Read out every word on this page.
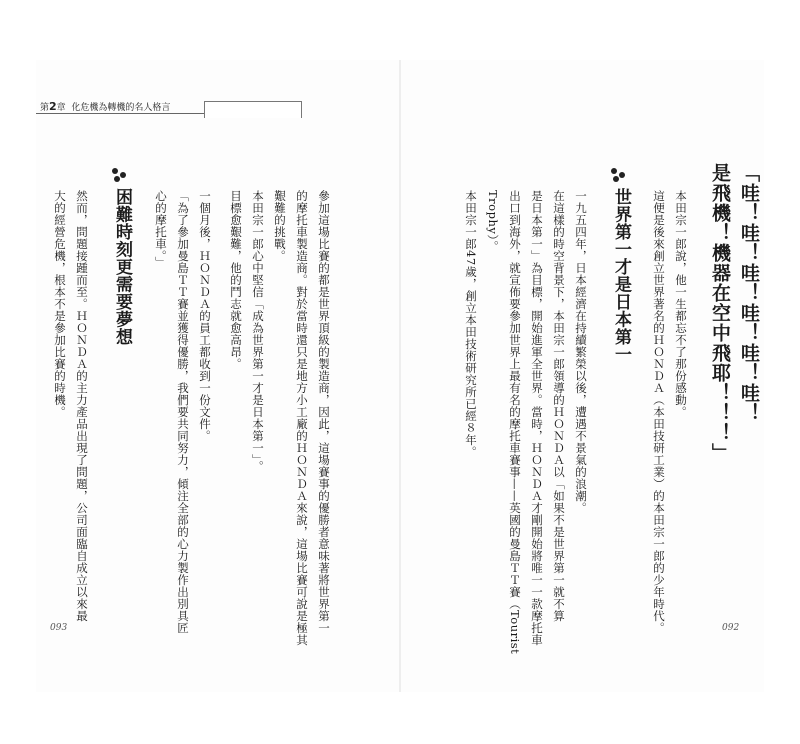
第2章 化危機為轉機的名人格言
「哇！哇！哇！哇！哇！哇！
是飛機！機器在空中飛耶！！！」
本田宗一郎說，他一生都忘不了那份感動。
這便是後來創立世界著名的ＨＯＮＤＡ（本田技研工業）的本田宗一郎的少年時代。
世界第一才是日本第一
一九五四年，日本經濟在持續繁榮以後，遭遇不景氣的浪潮。
在這樣的時空背景下，本田宗一郎領導的ＨＯＮＤＡ以「如果不是世界第一就不算
是日本第一」為目標，開始進軍全世界。當時，ＨＯＮＤＡ才剛開始將唯一一款摩托車
出口到海外，就宣佈要參加世界上最有名的摩托車賽事——英國的曼島ＴＴ賽（Tourist
Trophy）。
本田宗一郎47歲，創立本田技術研究所已經８年。
092
參加這場比賽的都是世界頂級的製造商，因此，這場賽事的優勝者意味著將世界第一
的摩托車製造商。對於當時還只是地方小工廠的ＨＯＮＤＡ來說，這場比賽可說是極其
艱難的挑戰。
本田宗一郎心中堅信「成為世界第一才是日本第一」。
目標愈艱難，他的鬥志就愈高昂。
一個月後，ＨＯＮＤＡ的員工都收到一份文件。
「為了參加曼島ＴＴ賽並獲得優勝，我們要共同努力，傾注全部的心力製作出別具匠
心的摩托車。」
困難時刻更需要夢想
然而，問題接踵而至。ＨＯＮＤＡ的主力產品出現了問題，公司面臨自成立以來最
大的經營危機，根本不是參加比賽的時機。
093
